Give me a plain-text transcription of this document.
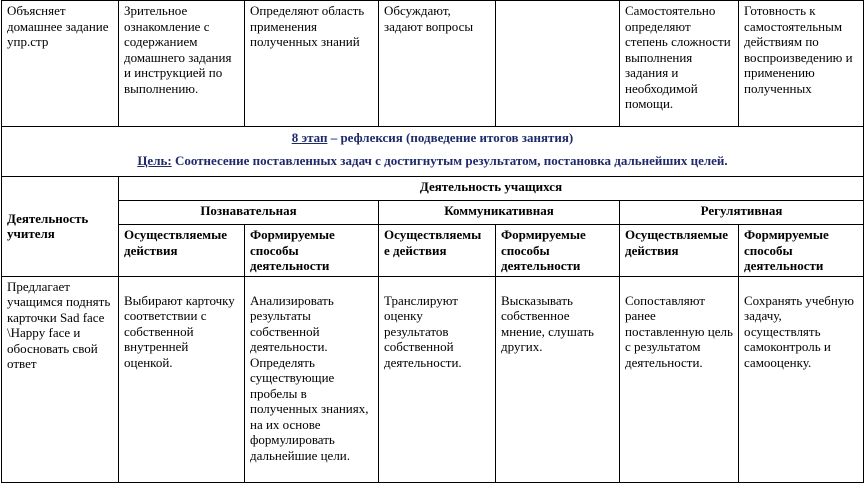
Объясняет домашнее задание упр.стр	Зрительное ознакомление с содержанием домашнего задания и инструкцией по выполнению.	Определяют область применения полученных знаний	Обсуждают, задают вопросы		Самостоятельно определяют степень сложности выполнения задания и необходимой помощи.	Готовность к самостоятельным действиям по воспроизведению и применению полученных

8 этап – рефлексия (подведение итогов занятия)
Цель: Соотнесение поставленных задач с достигнутым результатом, постановка дальнейших целей.						

Деятельность учителя	Деятельность учащихся					
	Познавательная		Коммуникативная		Регулятивная	
	Осуществляемые действия	Формируемые способы деятельности	Осуществляемы е действия	Формируемые способы деятельности	Осуществляемые действия	Формируемые способы деятельности
Предлагает учащимся поднять карточки Sad face \Happy face и обосновать свой ответ	Выбирают карточку соответствии с собственной внутренней оценкой.	Анализировать результаты собственной деятельности. Определять существующие пробелы в полученных знаниях, на их основе формулировать дальнейшие цели.	Транслируют оценку результатов собственной деятельности.	Высказывать собственное мнение, слушать других.	Сопоставляют ранее поставленную цель с результатом деятельности.	Сохранять учебную задачу, осуществлять самоконтроль и самооценку.
